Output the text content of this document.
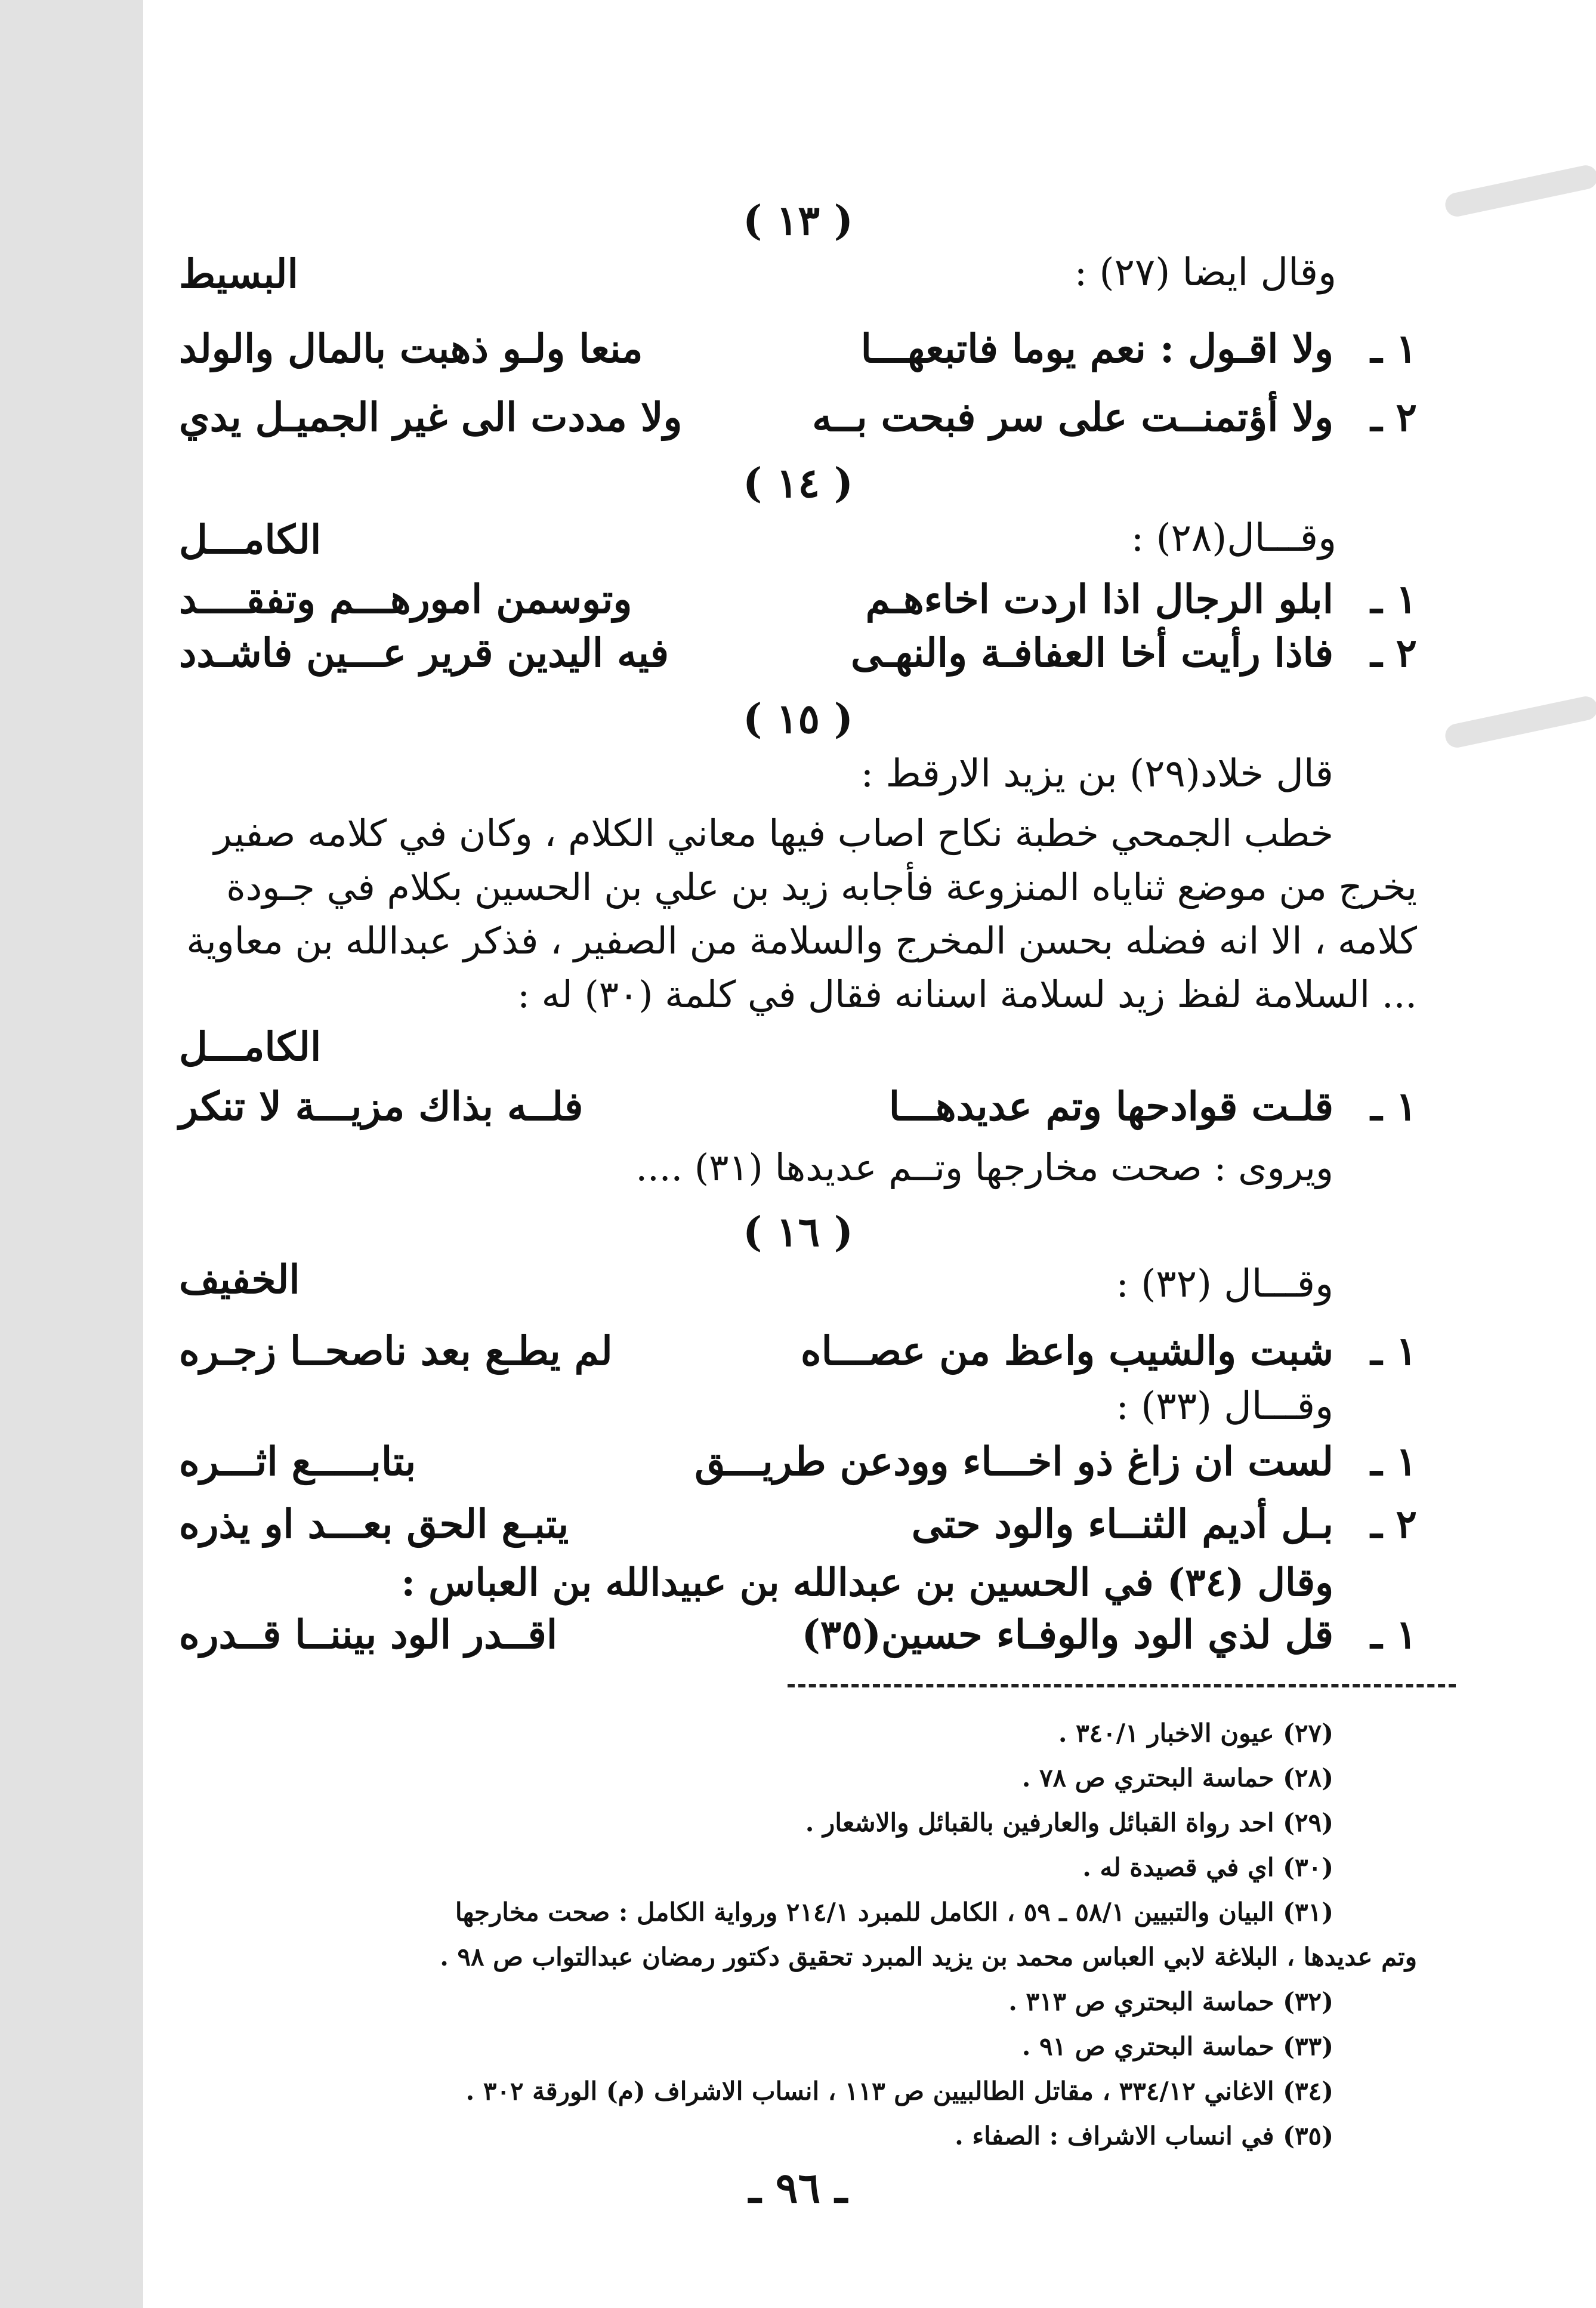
( ١٣ )
وقال ايضا (٢٧) :
البسيط
١ ـ
ولا اقـول : نعم يوما فاتبعهـــا
منعا ولـو ذهبت بالمال والولد
٢ ـ
ولا أؤتمنــت على سر فبحت بــه
ولا مددت الى غير الجميـل يدي
( ١٤ )
وقـــال(٢٨) :
الكامـــل
١ ـ
ابلو الرجال اذا اردت اخاءهـم
وتوسمن امورهـــم وتفقــــد
٢ ـ
فاذا رأيت أخا العفافـة والنهـى
فيه اليدين قرير عـــين فاشـدد
( ١٥ )
قال خلاد(٢٩) بن يزيد الارقط :
خطب الجمحي خطبة نكاح اصاب فيها معاني الكلام ، وكان في كلامه صفير
يخرج من موضع ثناياه المنزوعة فأجابه زيد بن علي بن الحسين بكلام في جـودة
كلامه ، الا انه فضله بحسن المخرج والسلامة من الصفير ، فذكر عبدالله بن معاوية
... السلامة لفظ زيد لسلامة اسنانه فقال في كلمة (٣٠) له :
الكامـــل
١ ـ
قلـت قوادحها وتم عديدهـــا
فلــه بذاك مزيـــة لا تنكر
ويروى : صحت مخارجها وتــم عديدها (٣١) ....
( ١٦ )
وقـــال (٣٢) :
الخفيف
١ ـ
شبت والشيب واعظ من عصـــاه
لم يطـع بعد ناصحــا زجـره
وقـــال (٣٣) :
١ ـ
لست ان زاغ ذو اخـــاء وودعن طريـــق
بتابـــــع اثـــره
٢ ـ
بـل أديم الثنــاء والود حتى
يتبـع الحق بعـــد او يذره
وقال (٣٤) في الحسين بن عبدالله بن عبيدالله بن العباس :
١ ـ
قل لذي الود والوفـاء حسين(٣٥)
اقــدر الود بيننــا قــدره
(٢٧) عيون الاخبار ٣٤٠/١ .
(٢٨) حماسة البحتري ص ٧٨ .
(٢٩) احد رواة القبائل والعارفين بالقبائل والاشعار .
(٣٠) اي في قصيدة له .
(٣١) البيان والتبيين ٥٨/١ ـ ٥٩ ، الكامل للمبرد ٢١٤/١ ورواية الكامل : صحت مخارجها
وتم عديدها ، البلاغة لابي العباس محمد بن يزيد المبرد تحقيق دكتور رمضان عبدالتواب ص ٩٨ .
(٣٢) حماسة البحتري ص ٣١٣ .
(٣٣) حماسة البحتري ص ٩١ .
(٣٤) الاغاني ٣٣٤/١٢ ، مقاتل الطالبيين ص ١١٣ ، انساب الاشراف (م) الورقة ٣٠٢ .
(٣٥) في انساب الاشراف : الصفاء .
ـ ٩٦ ـ
